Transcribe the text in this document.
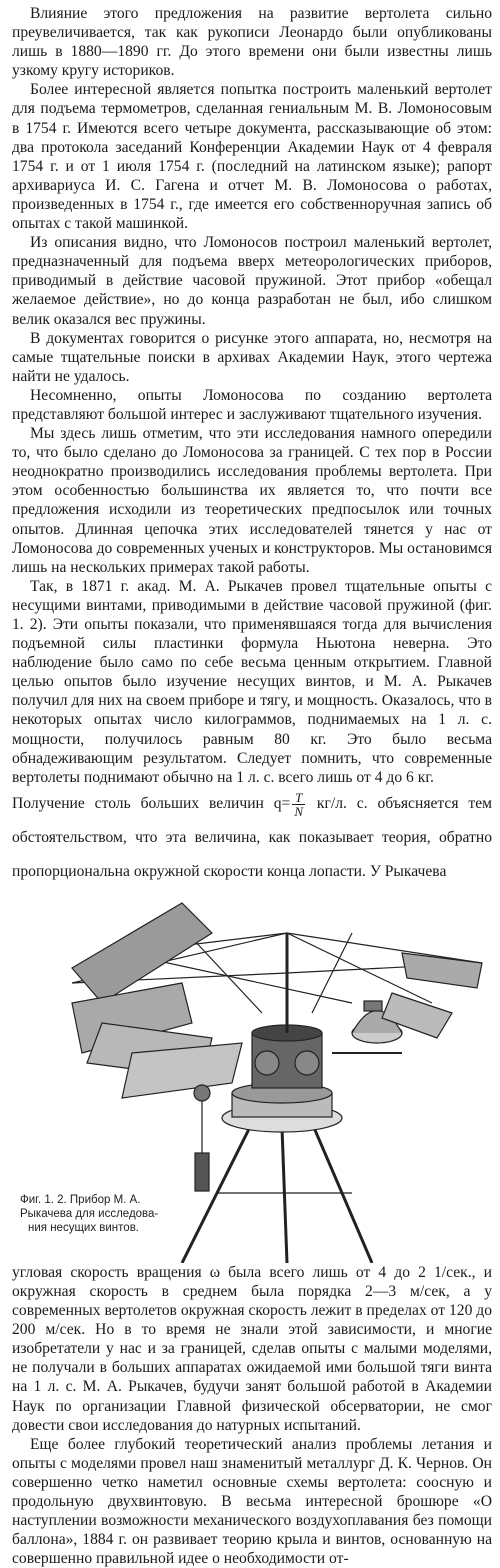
Влияние этого предложения на развитие вертолета сильно преувеличивается, так как рукописи Леонардо были опубликованы лишь в 1880—1890 гг. До этого времени они были известны лишь узкому кругу историков.

Более интересной является попытка построить маленький вертолет для подъема термометров, сделанная гениальным М. В. Ломоносовым в 1754 г. Имеются всего четыре документа, рассказывающие об этом: два протокола заседаний Конференции Академии Наук от 4 февраля 1754 г. и от 1 июля 1754 г. (последний на латинском языке); рапорт архивариуса И. С. Гагена и отчет М. В. Ломоносова о работах, произведенных в 1754 г., где имеется его собственноручная запись об опытах с такой машинкой.

Из описания видно, что Ломоносов построил маленький вертолет, предназначенный для подъема вверх метеорологических приборов, приводимый в действие часовой пружиной. Этот прибор «обещал желаемое действие», но до конца разработан не был, ибо слишком велик оказался вес пружины.

В документах говорится о рисунке этого аппарата, но, несмотря на самые тщательные поиски в архивах Академии Наук, этого чертежа найти не удалось.

Несомненно, опыты Ломоносова по созданию вертолета представляют большой интерес и заслуживают тщательного изучения.

Мы здесь лишь отметим, что эти исследования намного опередили то, что было сделано до Ломоносова за границей. С тех пор в России неоднократно производились исследования проблемы вертолета. При этом особенностью большинства их является то, что почти все предложения исходили из теоретических предпосылок или точных опытов. Длинная цепочка этих исследователей тянется у нас от Ломоносова до современных ученых и конструкторов. Мы остановимся лишь на нескольких примерах такой работы.

Так, в 1871 г. акад. М. А. Рыкачев провел тщательные опыты с несущими винтами, приводимыми в действие часовой пружиной (фиг. 1. 2). Эти опыты показали, что применявшаяся тогда для вычисления подъемной силы пластинки формула Ньютона неверна. Это наблюдение было само по себе весьма ценным открытием. Главной целью опытов было изучение несущих винтов, и М. А. Рыкачев получил для них на своем приборе и тягу, и мощность. Оказалось, что в некоторых опытах число килограммов, поднимаемых на 1 л. с. мощности, получилось равным 80 кг. Это было весьма обнадеживающим результатом. Следует помнить, что современные вертолеты поднимают обычно на 1 л. с. всего лишь от 4 до 6 кг.

Получение столь больших величин $q= \frac{T}{N} кг/л$. с. объясняется тем обстоятельством, что эта величина, как показывает теория, обратно пропорциональна окружной скорости конца лопасти. У Рыкачева

Фиг. 1. 2. Прибор М. А.
Рыкачева для исследова-
ния несущих винтов.

угловая скорость вращения ω была всего лишь от 4 до 2 1/сек., и окружная скорость в среднем была порядка 2—3 м/сек, а у современных вертолетов окружная скорость лежит в пределах от 120 до 200 м/сек. Но в то время не знали этой зависимости, и многие изобретатели у нас и за границей, сделав опыты с малыми моделями, не получали в больших аппаратах ожидаемой ими большой тяги винта на 1 л. с. М. А. Рыкачев, будучи занят большой работой в Академии Наук по организации Главной физической обсерватории, не смог довести свои исследования до натурных испытаний.

Еще более глубокий теоретический анализ проблемы летания и опыты с моделями провел наш знаменитый металлург Д. К. Чернов. Он совершенно четко наметил основные схемы вертолета: соосную и продольную двухвинтовую. В весьма интересной брошюре «О наступлении возможности механического воздухоплавания без помощи баллона», 1884 г. он развивает теорию крыла и винтов, основанную на совершенно правильной идее о необходимости от-
